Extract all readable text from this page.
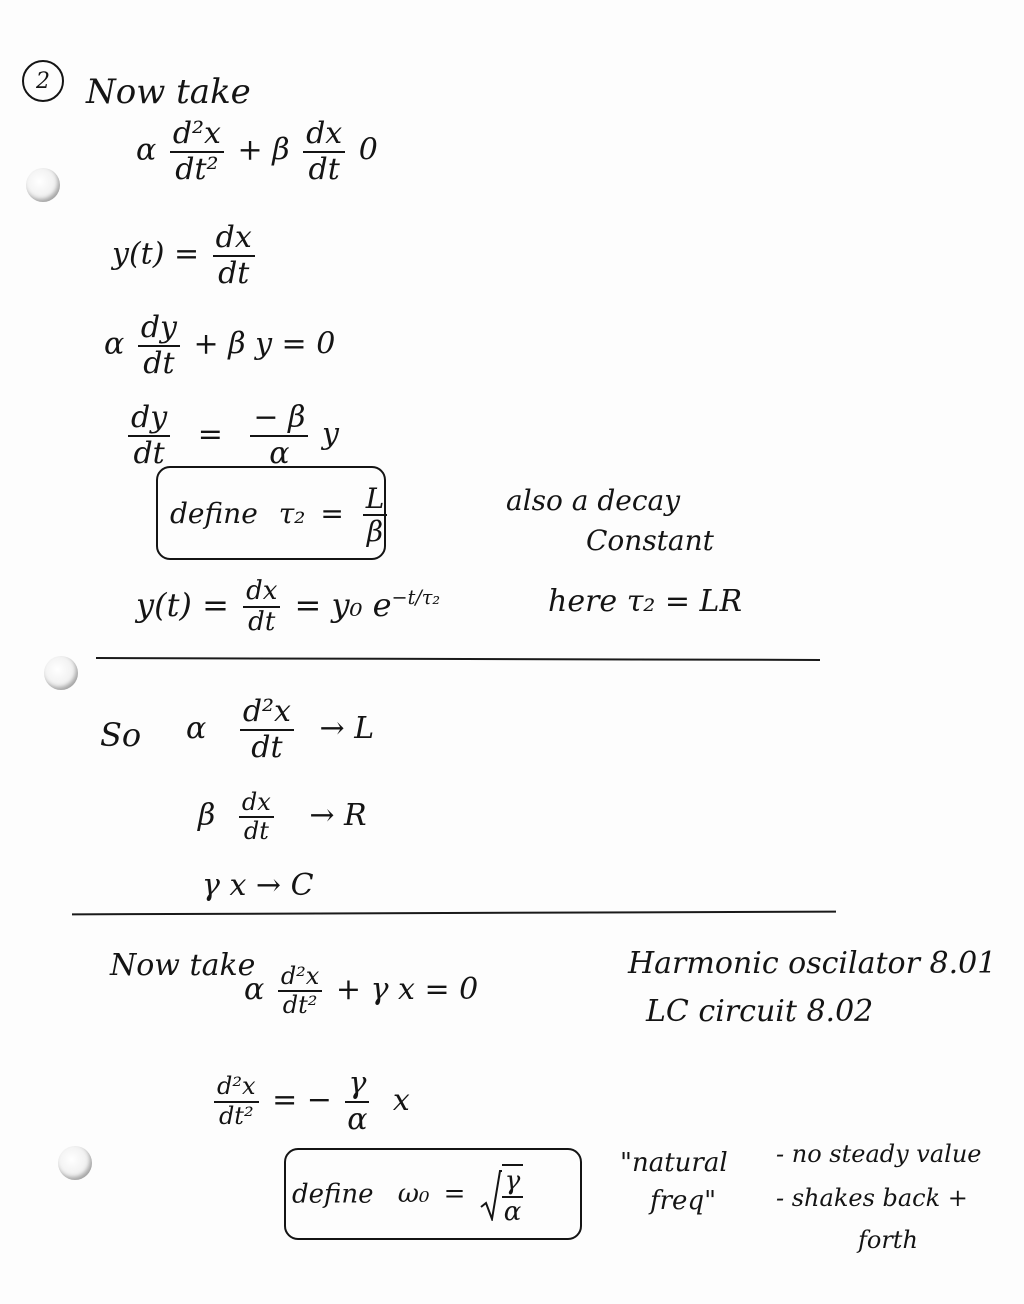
2 Now take
α $\frac{\text{d²x}}{\text{dt²}} + \beta \frac{dx}{dt} 0$
$y(t) = \frac{dx}{dt}$
α $\frac{dy}{dt} + \beta$ y = 0
$\frac{dy}{dt} = \frac{- \beta}{\alpha}$ y
define $\tau_2 = \frac{L}{\beta}$	also a decay
Constant
$y(t) = \frac{dx}{dt} = y_0$ $e^{-t/\tau_2}$	here τ₂ = LR
So α $\frac{\text{d²x}}{dt} \to L$
β $\frac{dx}{dt} \to R$
γ x → C
Now take
α $\frac{\text{d²x}}{\text{dt²}} + \gamma$ x = 0
Harmonic oscilator 8.01
LC circuit 8.02
$\frac{\text{d²x}}{\text{dt²}}$ = − $\frac{\gamma}{\alpha}$ x
define $\omega_0 = \frac{\gamma}{\alpha}$
"natural
freq"
- no steady value
- shakes back +
forth
